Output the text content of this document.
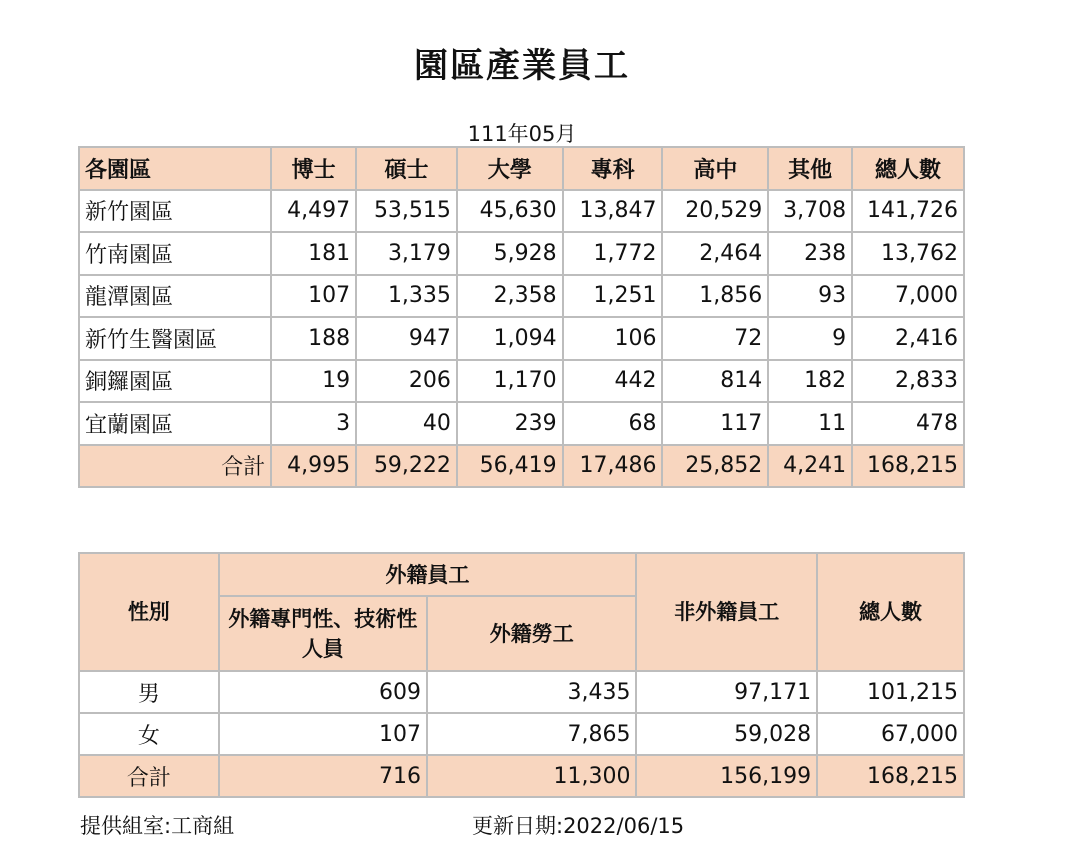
園區產業員工
111年05月
各園區	博士	碩士	大學	專科	高中	其他	總人數
新竹園區	4,497	53,515	45,630	13,847	20,529	3,708	141,726
竹南園區	181	3,179	5,928	1,772	2,464	238	13,762
龍潭園區	107	1,335	2,358	1,251	1,856	93	7,000
新竹生醫園區	188	947	1,094	106	72	9	2,416
銅鑼園區	19	206	1,170	442	814	182	2,833
宜蘭園區	3	40	239	68	117	11	478
合計	4,995	59,222	56,419	17,486	25,852	4,241	168,215
性別	外籍員工		非外籍員工	總人數
	外籍專門性、技術性人員	外籍勞工		
男	609	3,435	97,171	101,215
女	107	7,865	59,028	67,000
合計	716	11,300	156,199	168,215
提供組室:工商組	更新日期:2022/06/15
